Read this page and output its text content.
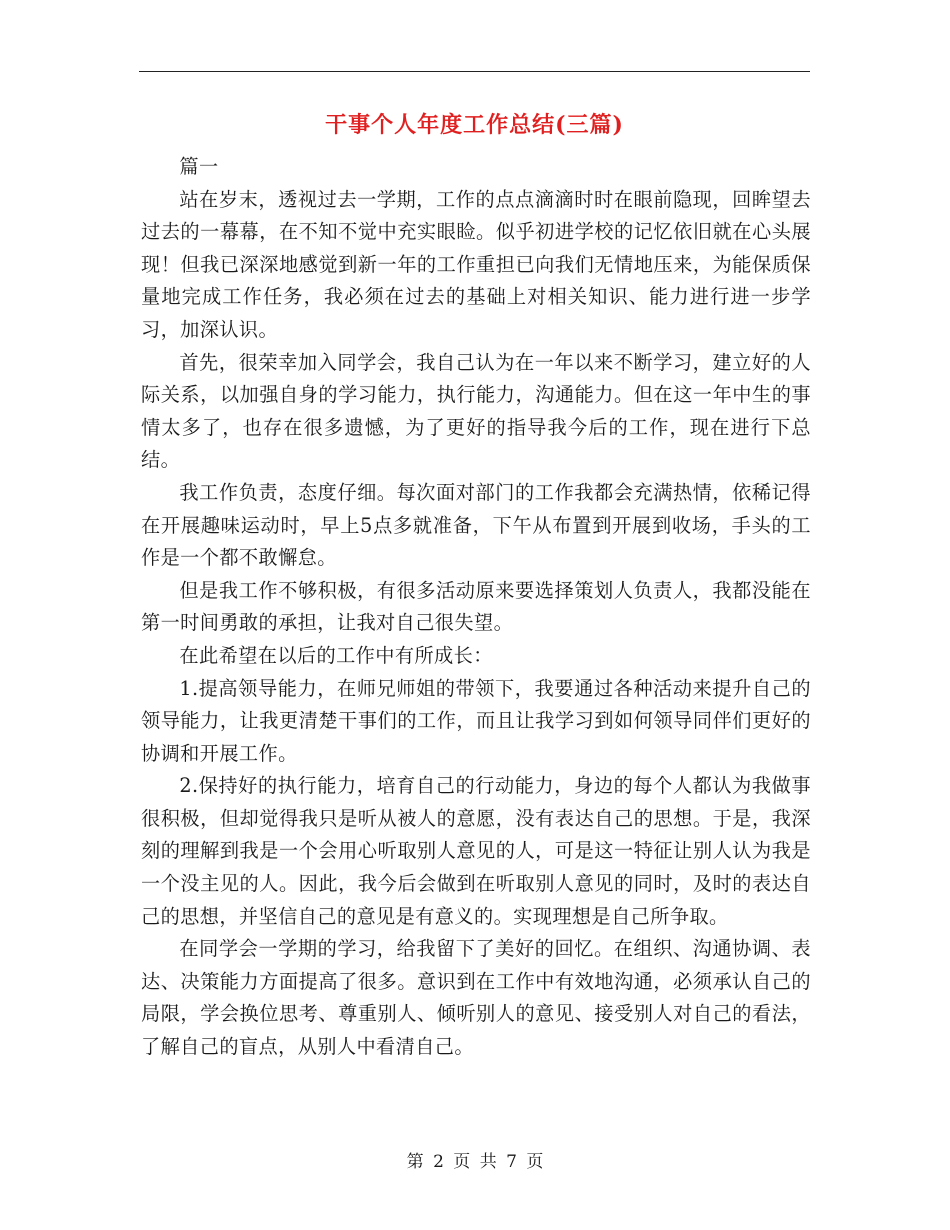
干事个人年度工作总结(三篇)

篇一

站在岁末，透视过去一学期，工作的点点滴滴时时在眼前隐现，回眸望去过去的一幕幕，在不知不觉中充实眼睑。似乎初进学校的记忆依旧就在心头展现！但我已深深地感觉到新一年的工作重担已向我们无情地压来，为能保质保量地完成工作任务，我必须在过去的基础上对相关知识、能力进行进一步学习，加深认识。

首先，很荣幸加入同学会，我自己认为在一年以来不断学习，建立好的人际关系，以加强自身的学习能力，执行能力，沟通能力。但在这一年中生的事情太多了，也存在很多遗憾，为了更好的指导我今后的工作，现在进行下总结。

我工作负责，态度仔细。每次面对部门的工作我都会充满热情，依稀记得在开展趣味运动时，早上5点多就准备，下午从布置到开展到收场，手头的工作是一个都不敢懈怠。

但是我工作不够积极，有很多活动原来要选择策划人负责人，我都没能在第一时间勇敢的承担，让我对自己很失望。

在此希望在以后的工作中有所成长：

1.提高领导能力，在师兄师姐的带领下，我要通过各种活动来提升自己的领导能力，让我更清楚干事们的工作，而且让我学习到如何领导同伴们更好的协调和开展工作。

2.保持好的执行能力，培育自己的行动能力，身边的每个人都认为我做事很积极，但却觉得我只是听从被人的意愿，没有表达自己的思想。于是，我深刻的理解到我是一个会用心听取别人意见的人，可是这一特征让别人认为我是一个没主见的人。因此，我今后会做到在听取别人意见的同时，及时的表达自己的思想，并坚信自己的意见是有意义的。实现理想是自己所争取。

在同学会一学期的学习，给我留下了美好的回忆。在组织、沟通协调、表达、决策能力方面提高了很多。意识到在工作中有效地沟通，必须承认自己的局限，学会换位思考、尊重别人、倾听别人的意见、接受别人对自己的看法，了解自己的盲点，从别人中看清自己。

第 2 页 共 7 页
